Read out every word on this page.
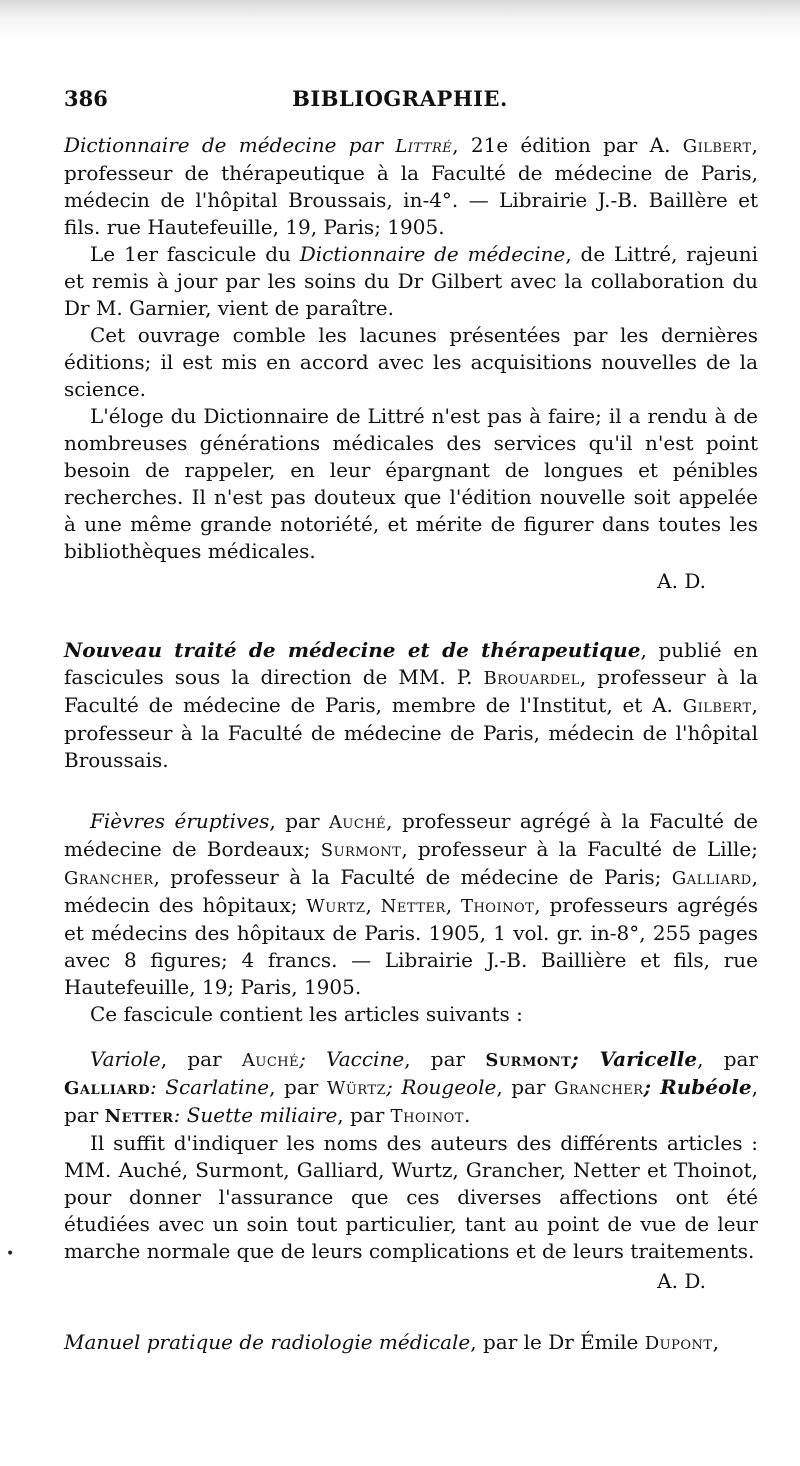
386	BIBLIOGRAPHIE.

Dictionnaire de médecine par Littré, 21e édition par A. Gilbert, professeur de thérapeutique à la Faculté de médecine de Paris, médecin de l'hôpital Broussais, in-4°. — Librairie J.-B. Baillère et fils. rue Hautefeuille, 19, Paris; 1905.

Le 1er fascicule du Dictionnaire de médecine, de Littré, rajeuni et remis à jour par les soins du Dr Gilbert avec la collaboration du Dr M. Garnier, vient de paraître.

Cet ouvrage comble les lacunes présentées par les dernières éditions; il est mis en accord avec les acquisitions nouvelles de la science.

L'éloge du Dictionnaire de Littré n'est pas à faire; il a rendu à de nombreuses générations médicales des services qu'il n'est point besoin de rappeler, en leur épargnant de longues et pénibles recherches. Il n'est pas douteux que l'édition nouvelle soit appelée à une même grande notoriété, et mérite de figurer dans toutes les bibliothèques médicales.

A. D.

Nouveau traité de médecine et de thérapeutique, publié en fascicules sous la direction de MM. P. Brouardel, professeur à la Faculté de médecine de Paris, membre de l'Institut, et A. Gilbert, professeur à la Faculté de médecine de Paris, médecin de l'hôpital Broussais.

Fièvres éruptives, par Auché, professeur agrégé à la Faculté de médecine de Bordeaux; Surmont, professeur à la Faculté de Lille; Grancher, professeur à la Faculté de médecine de Paris; Galliard, médecin des hôpitaux; Wurtz, Netter, Thoinot, professeurs agrégés et médecins des hôpitaux de Paris. 1905, 1 vol. gr. in-8°, 255 pages avec 8 figures; 4 francs. — Librairie J.-B. Baillière et fils, rue Hautefeuille, 19; Paris, 1905.

Ce fascicule contient les articles suivants :

Variole, par Auché; Vaccine, par Surmont; Varicelle, par Galliard: Scarlatine, par Würtz; Rougeole, par Grancher; Rubéole, par Netter: Suette miliaire, par Thoinot.

Il suffit d'indiquer les noms des auteurs des différents articles : MM. Auché, Surmont, Galliard, Wurtz, Grancher, Netter et Thoinot, pour donner l'assurance que ces diverses affections ont été étudiées avec un soin tout particulier, tant au point de vue de leur marche normale que de leurs complications et de leurs traitements.

A. D.

Manuel pratique de radiologie médicale, par le Dr Émile Dupont,

•
